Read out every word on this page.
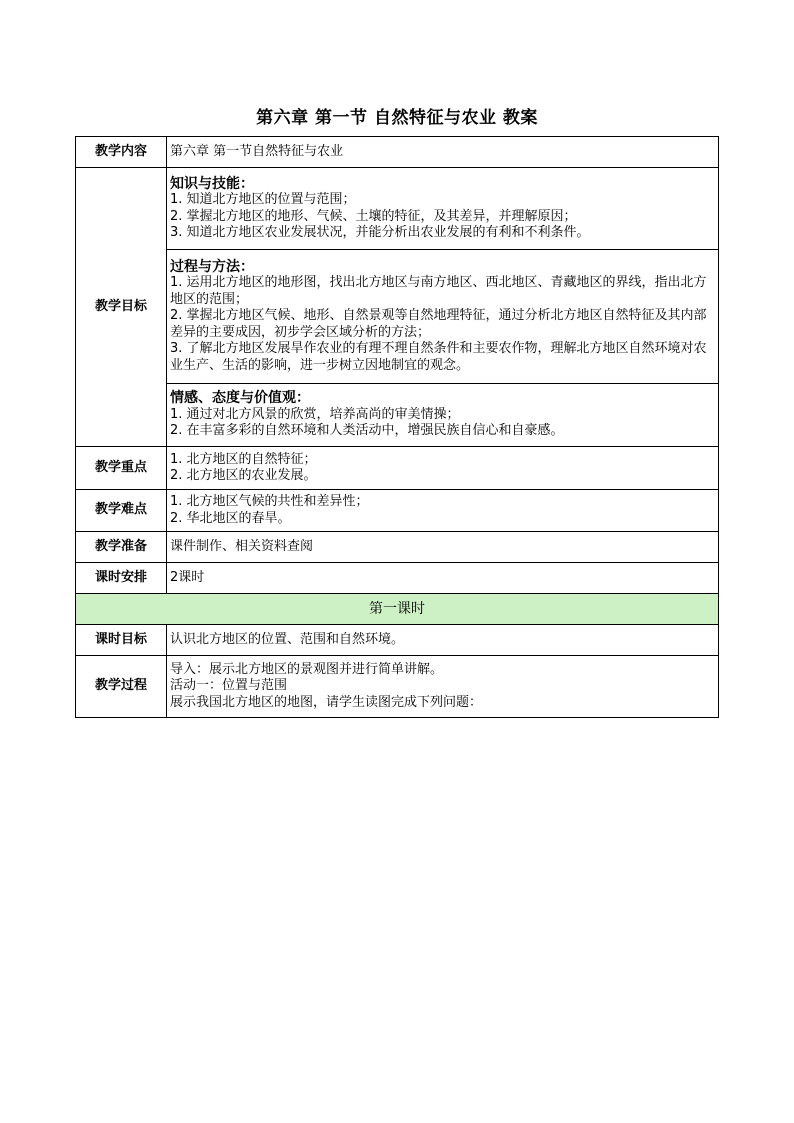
第六章 第一节 自然特征与农业 教案
教学内容	第六章 第一节自然特征与农业
教学目标	知识与技能：
1. 知道北方地区的位置与范围；
2. 掌握北方地区的地形、气候、土壤的特征，及其差异，并理解原因；
3. 知道北方地区农业发展状况，并能分析出农业发展的有利和不利条件。

	过程与方法：
1. 运用北方地区的地形图，找出北方地区与南方地区、西北地区、青藏地区的界线，指出北方地区的范围；
2. 掌握北方地区气候、地形、自然景观等自然地理特征，通过分析北方地区自然特征及其内部差异的主要成因，初步学会区域分析的方法；
3. 了解北方地区发展旱作农业的有理不理自然条件和主要农作物，理解北方地区自然环境对农业生产、生活的影响，进一步树立因地制宜的观念。

	情感、态度与价值观：
1. 通过对北方风景的欣赏，培养高尚的审美情操；
2. 在丰富多彩的自然环境和人类活动中，增强民族自信心和自豪感。

教学重点	1. 北方地区的自然特征；
2. 北方地区的农业发展。

教学难点	1. 北方地区气候的共性和差异性；
2. 华北地区的春旱。

教学准备	课件制作、相关资料查阅
课时安排	2课时
第一课时	
课时目标	认识北方地区的位置、范围和自然环境。
教学过程	导入：展示北方地区的景观图并进行简单讲解。
活动一：位置与范围
展示我国北方地区的地图，请学生读图完成下列问题：
